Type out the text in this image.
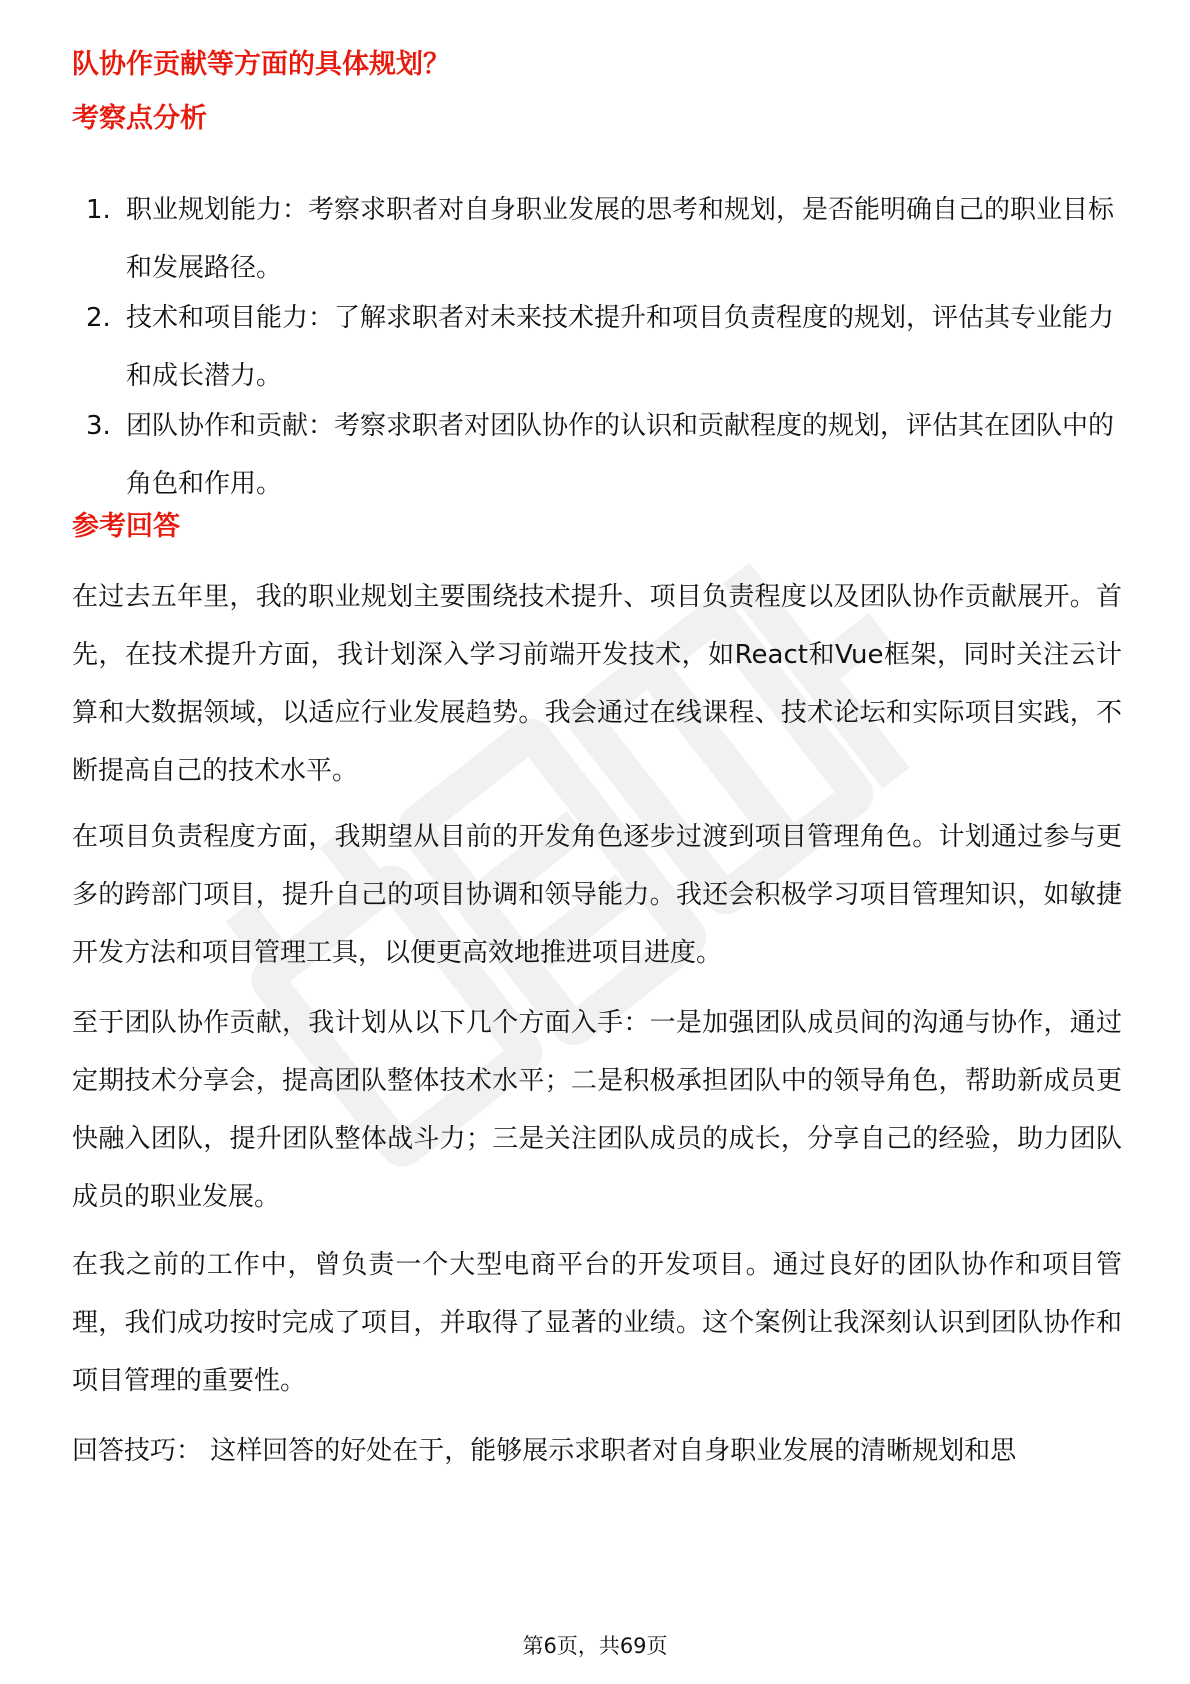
队协作贡献等方面的具体规划？
考察点分析
1. 职业规划能力：考察求职者对自身职业发展的思考和规划，是否能明确自己的职业目标和发展路径。
2. 技术和项目能力：了解求职者对未来技术提升和项目负责程度的规划，评估其专业能力和成长潜力。
3. 团队协作和贡献：考察求职者对团队协作的认识和贡献程度的规划，评估其在团队中的角色和作用。
参考回答

在过去五年里，我的职业规划主要围绕技术提升、项目负责程度以及团队协作贡献展开。首先，在技术提升方面，我计划深入学习前端开发技术，如React和Vue框架，同时关注云计算和大数据领域，以适应行业发展趋势。我会通过在线课程、技术论坛和实际项目实践，不断提高自己的技术水平。

在项目负责程度方面，我期望从目前的开发角色逐步过渡到项目管理角色。计划通过参与更多的跨部门项目，提升自己的项目协调和领导能力。我还会积极学习项目管理知识，如敏捷开发方法和项目管理工具，以便更高效地推进项目进度。

至于团队协作贡献，我计划从以下几个方面入手：一是加强团队成员间的沟通与协作，通过定期技术分享会，提高团队整体技术水平；二是积极承担团队中的领导角色，帮助新成员更快融入团队，提升团队整体战斗力；三是关注团队成员的成长，分享自己的经验，助力团队成员的职业发展。

在我之前的工作中，曾负责一个大型电商平台的开发项目。通过良好的团队协作和项目管理，我们成功按时完成了项目，并取得了显著的业绩。这个案例让我深刻认识到团队协作和项目管理的重要性。

回答技巧： 这样回答的好处在于，能够展示求职者对自身职业发展的清晰规划和思

第6页，共69页
